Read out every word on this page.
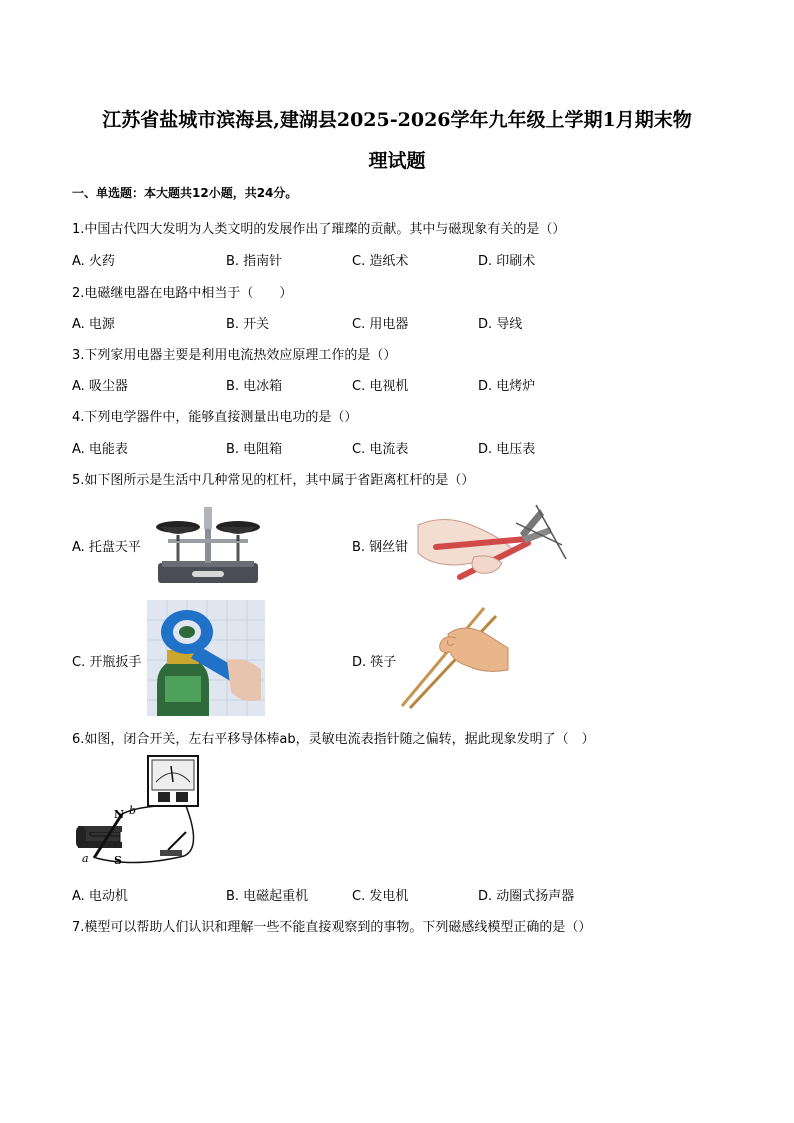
江苏省盐城市滨海县,建湖县2025-2026学年九年级上学期1月期末物
理试题
一、单选题：本大题共12小题，共24分。
1.中国古代四大发明为人类文明的发展作出了璀璨的贡献。其中与磁现象有关的是（）
A. 火药	B. 指南针	C. 造纸术	D. 印刷术
2.电磁继电器在电路中相当于（　　）
A. 电源	B. 开关	C. 用电器	D. 导线
3.下列家用电器主要是利用电流热效应原理工作的是（）
A. 吸尘器	B. 电冰箱	C. 电视机	D. 电烤炉
4.下列电学器件中，能够直接测量出电功的是（）
A. 电能表	B. 电阻箱	C. 电流表	D. 电压表
5.如下图所示是生活中几种常见的杠杆，其中属于省距离杠杆的是（）
A. 托盘天平	B. 钢丝钳
C. 开瓶扳手	D. 筷子
6.如图，闭合开关，左右平移导体棒ab，灵敏电流表指针随之偏转，据此现象发明了（　）
N b
a S
A. 电动机	B. 电磁起重机	C. 发电机	D. 动圈式扬声器
7.模型可以帮助人们认识和理解一些不能直接观察到的事物。下列磁感线模型正确的是（）
